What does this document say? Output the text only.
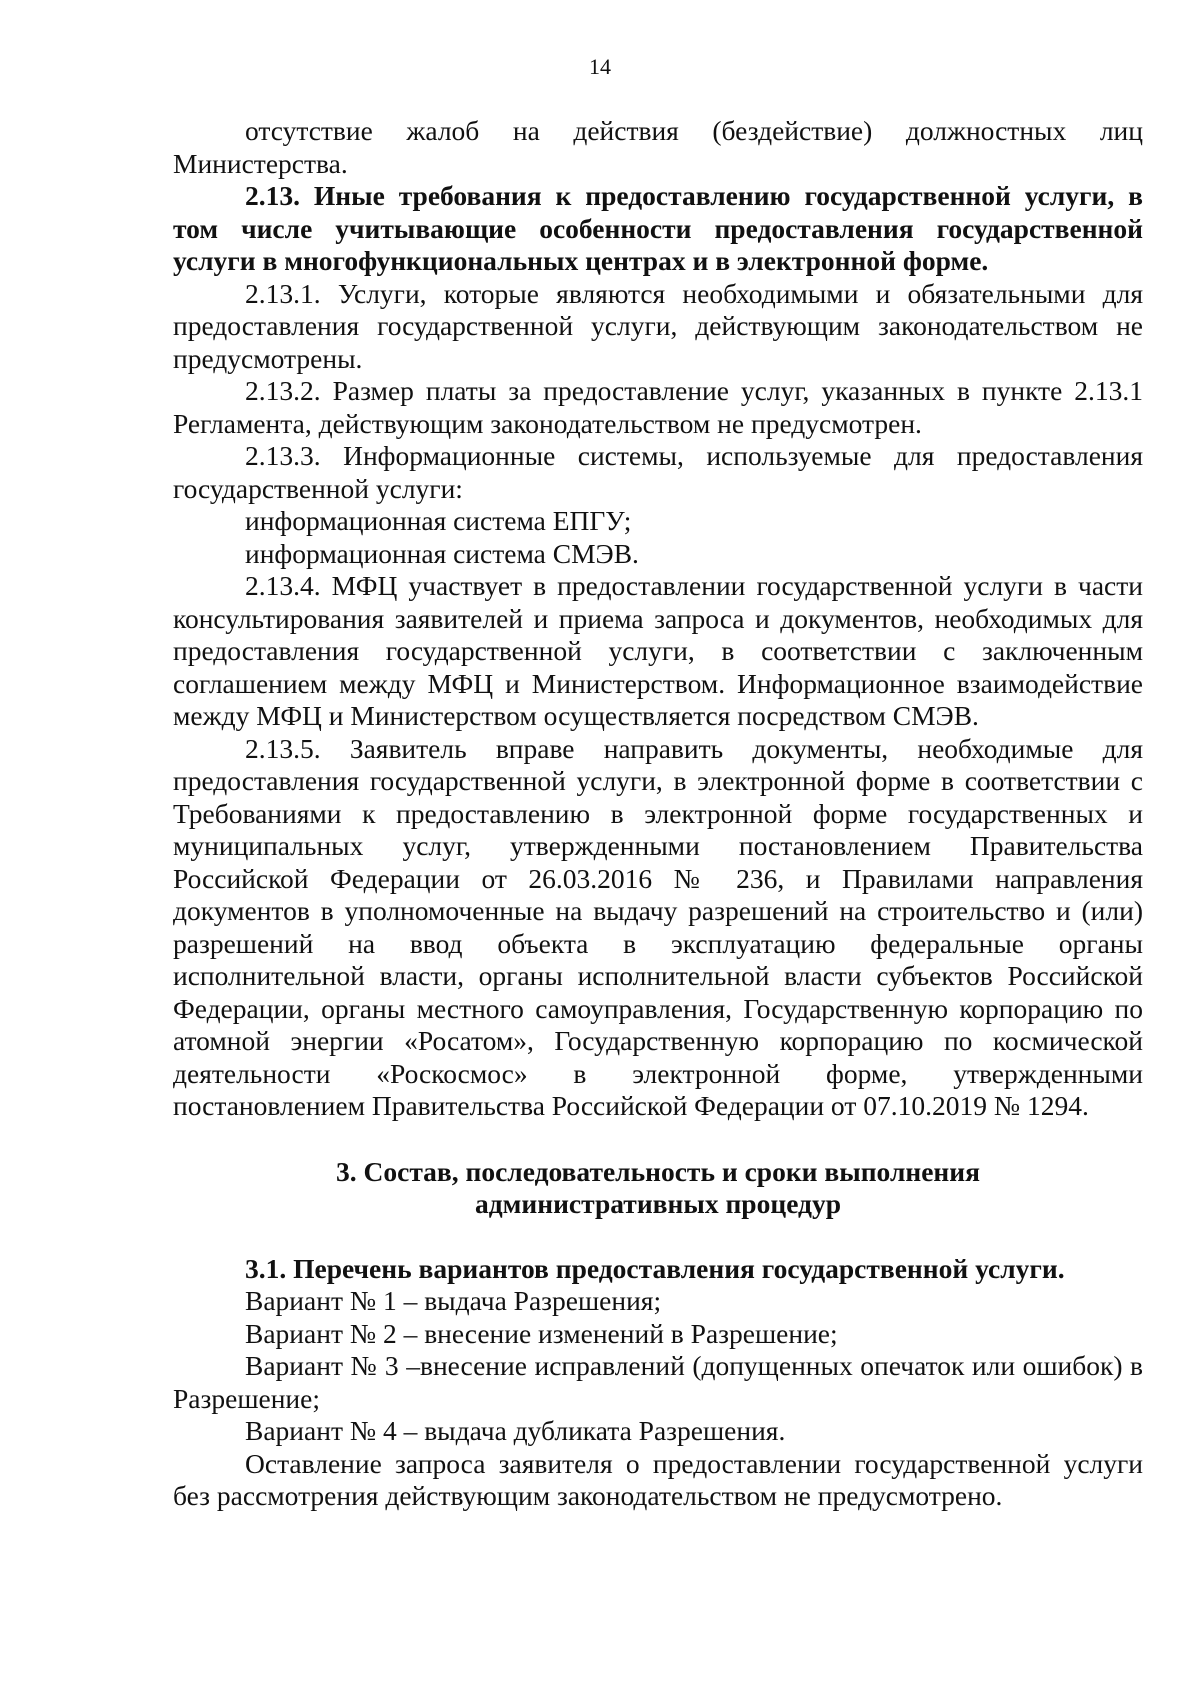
14

отсутствие жалоб на действия (бездействие) должностных лиц Министерства.

2.13. Иные требования к предоставлению государственной услуги, в том числе учитывающие особенности предоставления государственной услуги в многофункциональных центрах и в электронной форме.

2.13.1. Услуги, которые являются необходимыми и обязательными для предоставления государственной услуги, действующим законодательством не предусмотрены.

2.13.2. Размер платы за предоставление услуг, указанных в пункте 2.13.1 Регламента, действующим законодательством не предусмотрен.

2.13.3. Информационные системы, используемые для предоставления государственной услуги:

информационная система ЕПГУ;

информационная система СМЭВ.

2.13.4. МФЦ участвует в предоставлении государственной услуги в части консультирования заявителей и приема запроса и документов, необходимых для предоставления государственной услуги, в соответствии с заключенным соглашением между МФЦ и Министерством. Информационное взаимодействие между МФЦ и Министерством осуществляется посредством СМЭВ.

2.13.5. Заявитель вправе направить документы, необходимые для предоставления государственной услуги, в электронной форме в соответствии с Требованиями к предоставлению в электронной форме государственных и муниципальных услуг, утвержденными постановлением Правительства Российской Федерации от 26.03.2016 № 236, и Правилами направления документов в уполномоченные на выдачу разрешений на строительство и (или) разрешений на ввод объекта в эксплуатацию федеральные органы исполнительной власти, органы исполнительной власти субъектов Российской Федерации, органы местного самоуправления, Государственную корпорацию по атомной энергии «Росатом», Государственную корпорацию по космической деятельности «Роскосмос» в электронной форме, утвержденными постановлением Правительства Российской Федерации от 07.10.2019 № 1294.

3. Состав, последовательность и сроки выполнения
административных процедур

3.1. Перечень вариантов предоставления государственной услуги.

Вариант № 1 – выдача Разрешения;

Вариант № 2 – внесение изменений в Разрешение;

Вариант № 3 –внесение исправлений (допущенных опечаток или ошибок) в Разрешение;

Вариант № 4 – выдача дубликата Разрешения.

Оставление запроса заявителя о предоставлении государственной услуги без рассмотрения действующим законодательством не предусмотрено.
